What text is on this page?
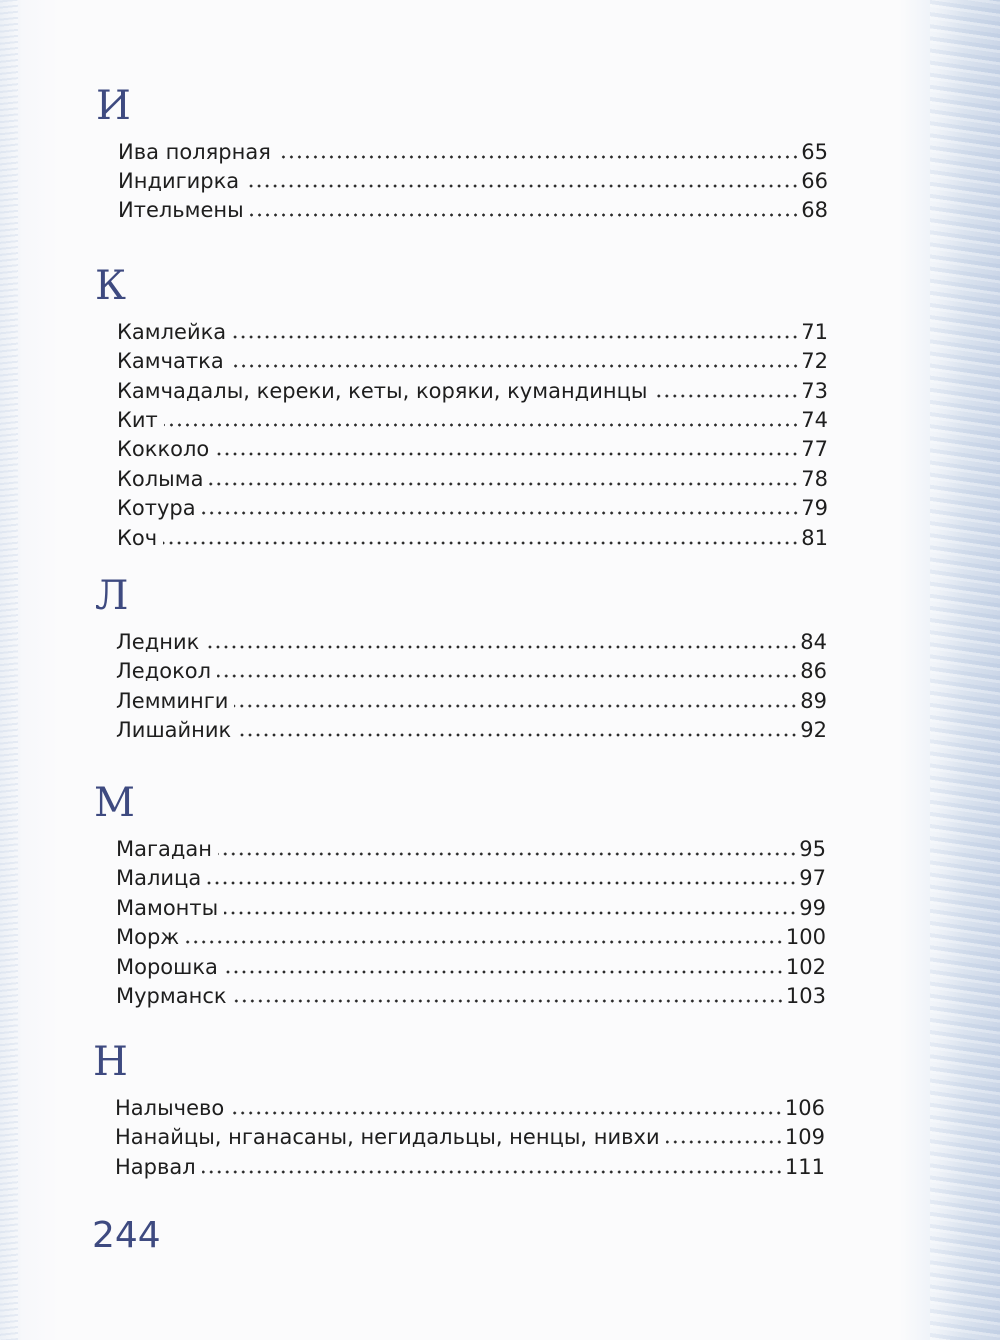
И
Ива полярная	65
Индигирка	66
Ительмены	68
К
Камлейка	71
Камчатка	72
Камчадалы, кереки, кеты, коряки, кумандинцы	73
Кит	74
Кокколо	77
Колыма	78
Котура	79
Коч	81
Л
Ледник	84
Ледокол	86
Лемминги	89
Лишайник	92
М
Магадан	95
Малица	97
Мамонты	99
Морж	100
Морошка	102
Мурманск	103
Н
Налычево	106
Нанайцы, нганасаны, негидальцы, ненцы, нивхи	109
Нарвал	111
244
